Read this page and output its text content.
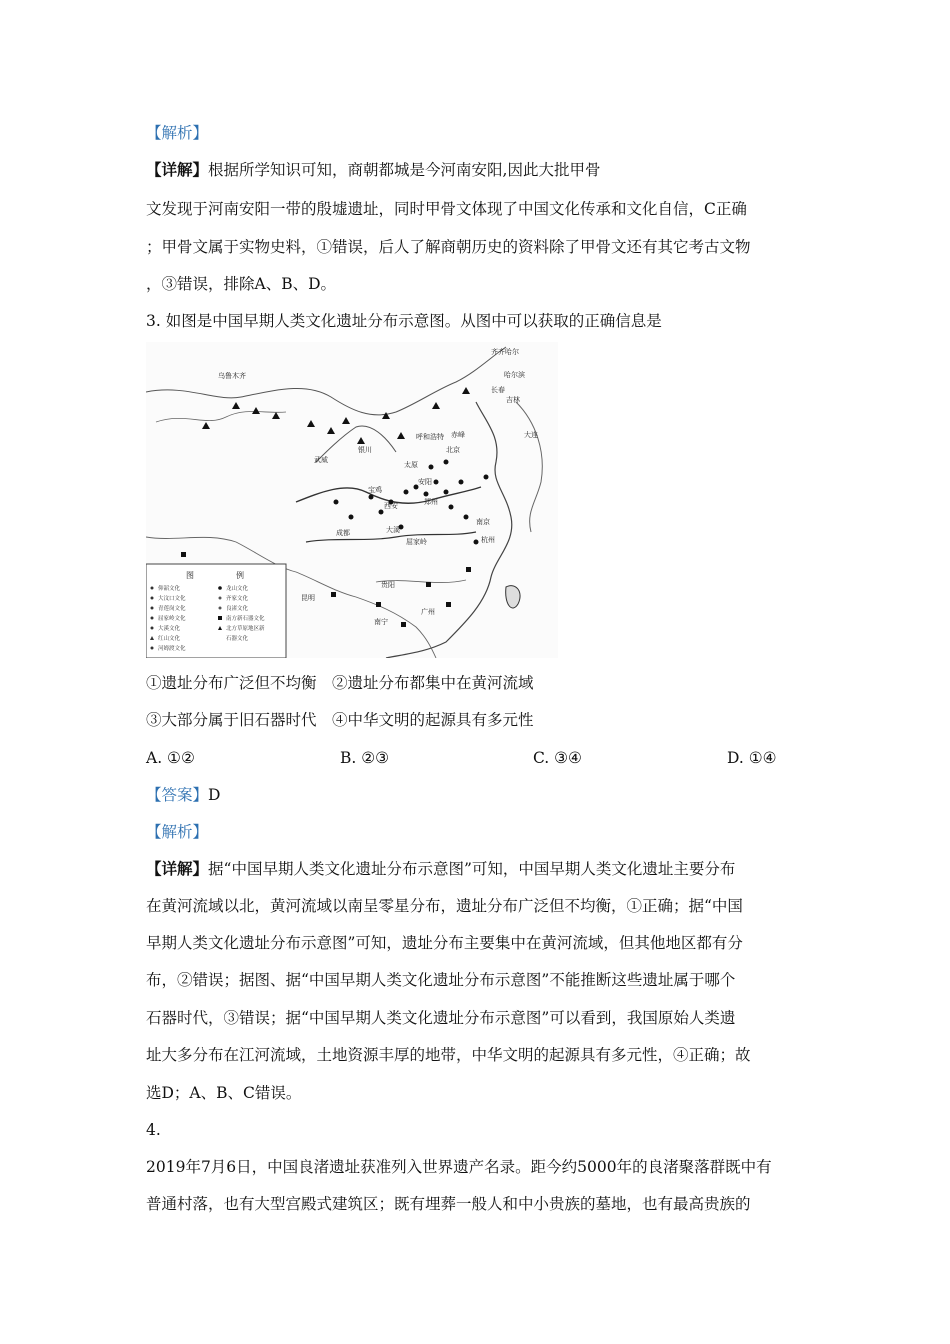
【解析】
【详解】根据所学知识可知，商朝都城是今河南安阳,因此大批甲骨
文发现于河南安阳一带的殷墟遗址，同时甲骨文体现了中国文化传承和文化自信，C正确
；甲骨文属于实物史料，①错误，后人了解商朝历史的资料除了甲骨文还有其它考古文物
，③错误，排除A、B、D。
3. 如图是中国早期人类文化遗址分布示意图。从图中可以获取的正确信息是
乌鲁木齐
齐齐哈尔
哈尔滨
长春
吉林
呼和浩特
北京
武威
银川
太原
安阳
郑州
宝鸡
西安
成都	大溪
屈家岭
南京
杭州
贵阳
昆明
广州
南宁
大连
赤峰
图	例
仰韶文化
大汶口文化
青莲岗文化
屈家岭文化
大溪文化
红山文化
河姆渡文化
龙山文化
齐家文化
良渚文化
南方新石器文化
北方草原地区新
石器文化
①遗址分布广泛但不均衡　②遗址分布都集中在黄河流域
③大部分属于旧石器时代　④中华文明的起源具有多元性
A. ①②	B. ②③	C. ③④	D. ①④
【答案】D
【解析】
【详解】据“中国早期人类文化遗址分布示意图”可知，中国早期人类文化遗址主要分布
在黄河流域以北，黄河流域以南呈零星分布，遗址分布广泛但不均衡，①正确；据“中国
早期人类文化遗址分布示意图”可知，遗址分布主要集中在黄河流域，但其他地区都有分
布，②错误；据图、据“中国早期人类文化遗址分布示意图”不能推断这些遗址属于哪个
石器时代，③错误；据“中国早期人类文化遗址分布示意图”可以看到，我国原始人类遗
址大多分布在江河流域，土地资源丰厚的地带，中华文明的起源具有多元性，④正确；故
选D；A、B、C错误。
4.
2019年7月6日，中国良渚遗址获准列入世界遗产名录。距今约5000年的良渚聚落群既中有
普通村落，也有大型宫殿式建筑区；既有埋葬一般人和中小贵族的墓地，也有最高贵族的
